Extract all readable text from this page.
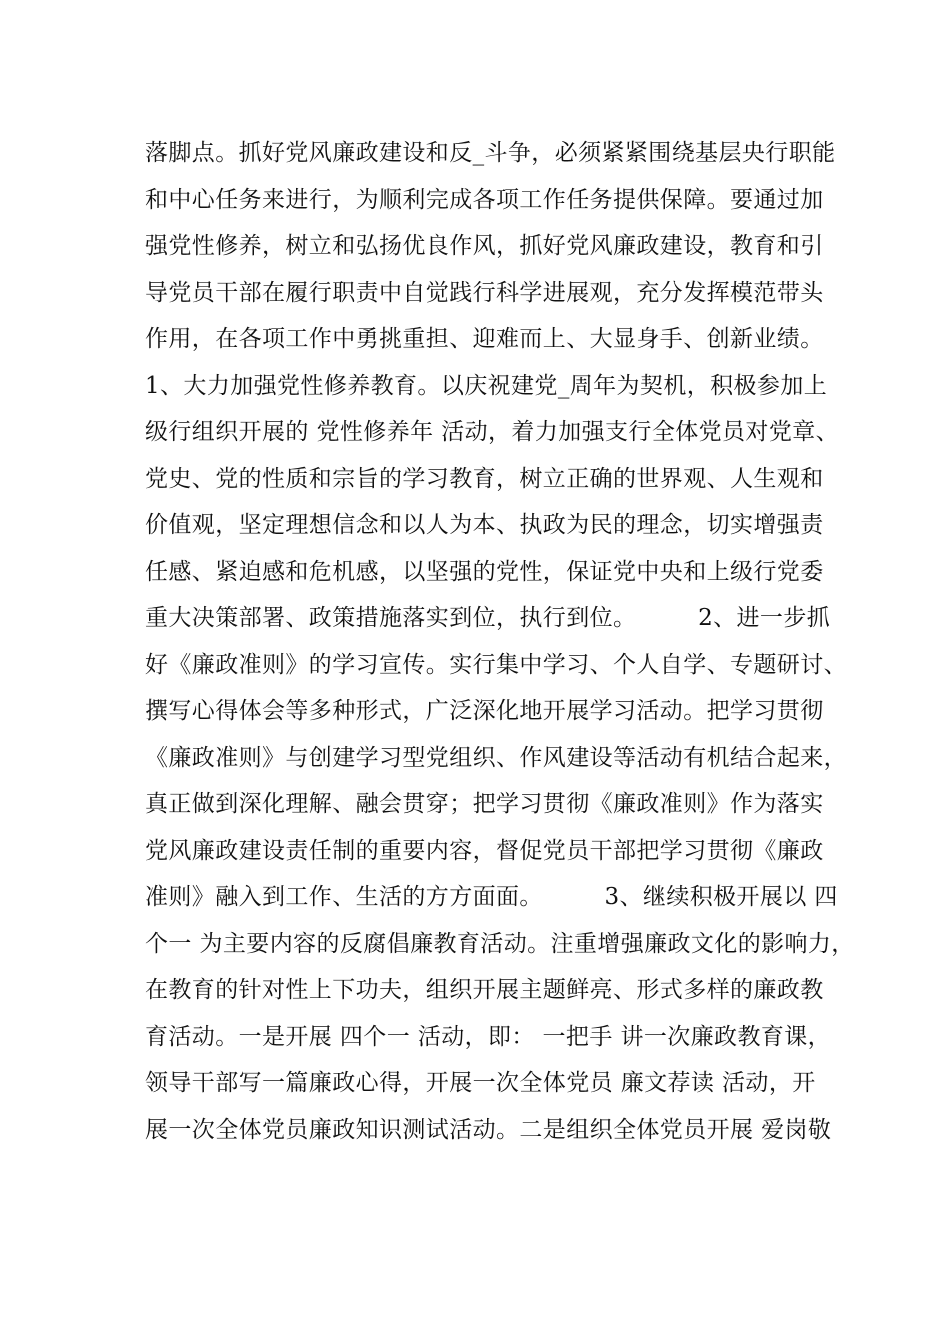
落脚点。抓好党风廉政建设和反_斗争，必须紧紧围绕基层央行职能
和中心任务来进行，为顺利完成各项工作任务提供保障。要通过加
强党性修养，树立和弘扬优良作风，抓好党风廉政建设，教育和引
导党员干部在履行职责中自觉践行科学进展观，充分发挥模范带头
作用，在各项工作中勇挑重担、迎难而上、大显身手、创新业绩。
1、大力加强党性修养教育。以庆祝建党_周年为契机，积极参加上
级行组织开展的 党性修养年 活动，着力加强支行全体党员对党章、
党史、党的性质和宗旨的学习教育，树立正确的世界观、人生观和
价值观，坚定理想信念和以人为本、执政为民的理念，切实增强责
任感、紧迫感和危机感，以坚强的党性，保证党中央和上级行党委
重大决策部署、政策措施落实到位，执行到位。        2、进一步抓
好《廉政准则》的学习宣传。实行集中学习、个人自学、专题研讨、
撰写心得体会等多种形式，广泛深化地开展学习活动。把学习贯彻
《廉政准则》与创建学习型党组织、作风建设等活动有机结合起来，
真正做到深化理解、融会贯穿；把学习贯彻《廉政准则》作为落实
党风廉政建设责任制的重要内容，督促党员干部把学习贯彻《廉政
准则》融入到工作、生活的方方面面。        3、继续积极开展以 四
个一 为主要内容的反腐倡廉教育活动。注重增强廉政文化的影响力，
在教育的针对性上下功夫，组织开展主题鲜亮、形式多样的廉政教
育活动。一是开展 四个一 活动，即： 一把手 讲一次廉政教育课，
领导干部写一篇廉政心得，开展一次全体党员 廉文荐读 活动，开
展一次全体党员廉政知识测试活动。二是组织全体党员开展 爱岗敬
